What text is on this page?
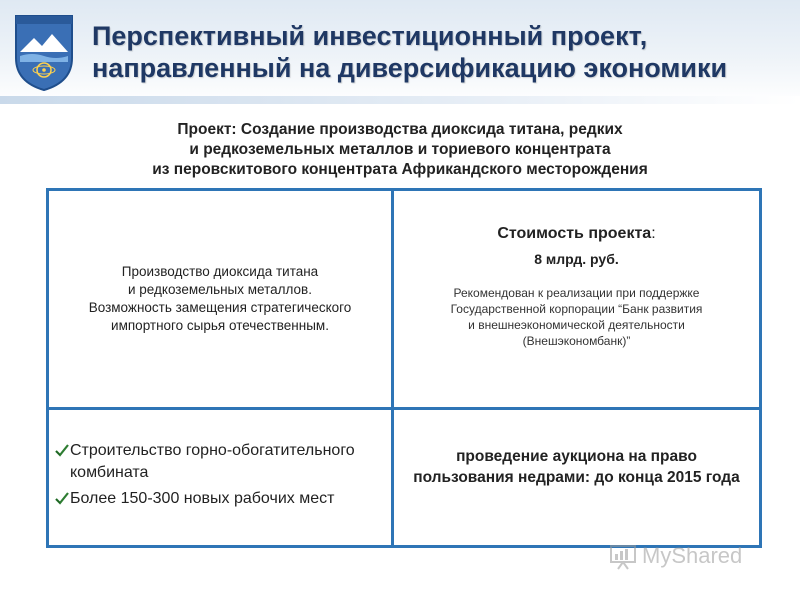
Перспективный инвестиционный проект,
направленный на диверсификацию экономики
Проект: Создание производства диоксида титана, редких
и редкоземельных металлов и ториевого концентрата
из перовскитового концентрата Африкандского месторождения
Производство диоксида титана
и редкоземельных металлов.
Возможность замещения стратегического
импортного сырья отечественным.
Стоимость проекта:
8 млрд. руб.
Рекомендован к реализации при поддержке
Государственной корпорации “Банк развития
и внешнеэкономической деятельности
(Внешэкономбанк)”
Строительство горно-обогатительного комбината
Более 150-300 новых рабочих мест
проведение аукциона на право пользования недрами: до конца 2015 года
MyShared
